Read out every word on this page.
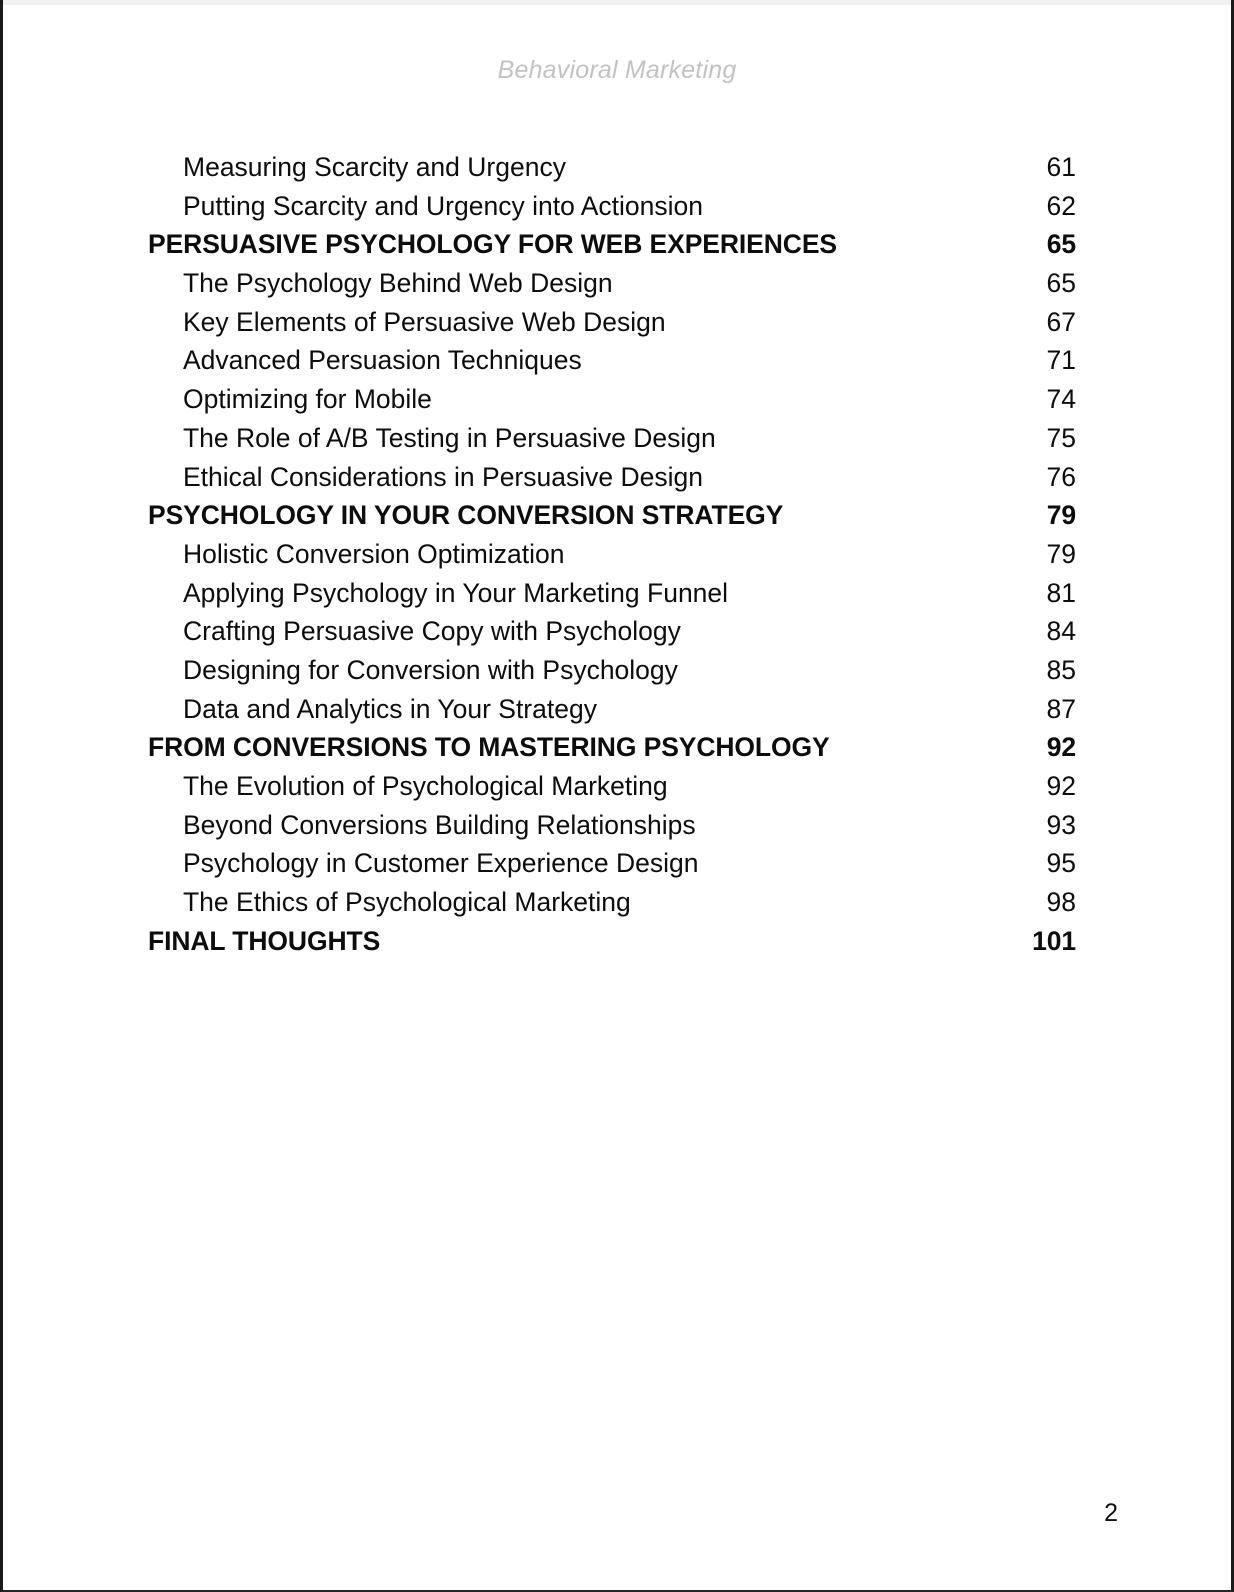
Behavioral Marketing
Measuring Scarcity and Urgency	61
Putting Scarcity and Urgency into Actionsion	62
PERSUASIVE PSYCHOLOGY FOR WEB EXPERIENCES	65
The Psychology Behind Web Design	65
Key Elements of Persuasive Web Design	67
Advanced Persuasion Techniques	71
Optimizing for Mobile	74
The Role of A/B Testing in Persuasive Design	75
Ethical Considerations in Persuasive Design	76
PSYCHOLOGY IN YOUR CONVERSION STRATEGY	79
Holistic Conversion Optimization	79
Applying Psychology in Your Marketing Funnel	81
Crafting Persuasive Copy with Psychology	84
Designing for Conversion with Psychology	85
Data and Analytics in Your Strategy	87
FROM CONVERSIONS TO MASTERING PSYCHOLOGY	92
The Evolution of Psychological Marketing	92
Beyond Conversions Building Relationships	93
Psychology in Customer Experience Design	95
The Ethics of Psychological Marketing	98
FINAL THOUGHTS	101
2
